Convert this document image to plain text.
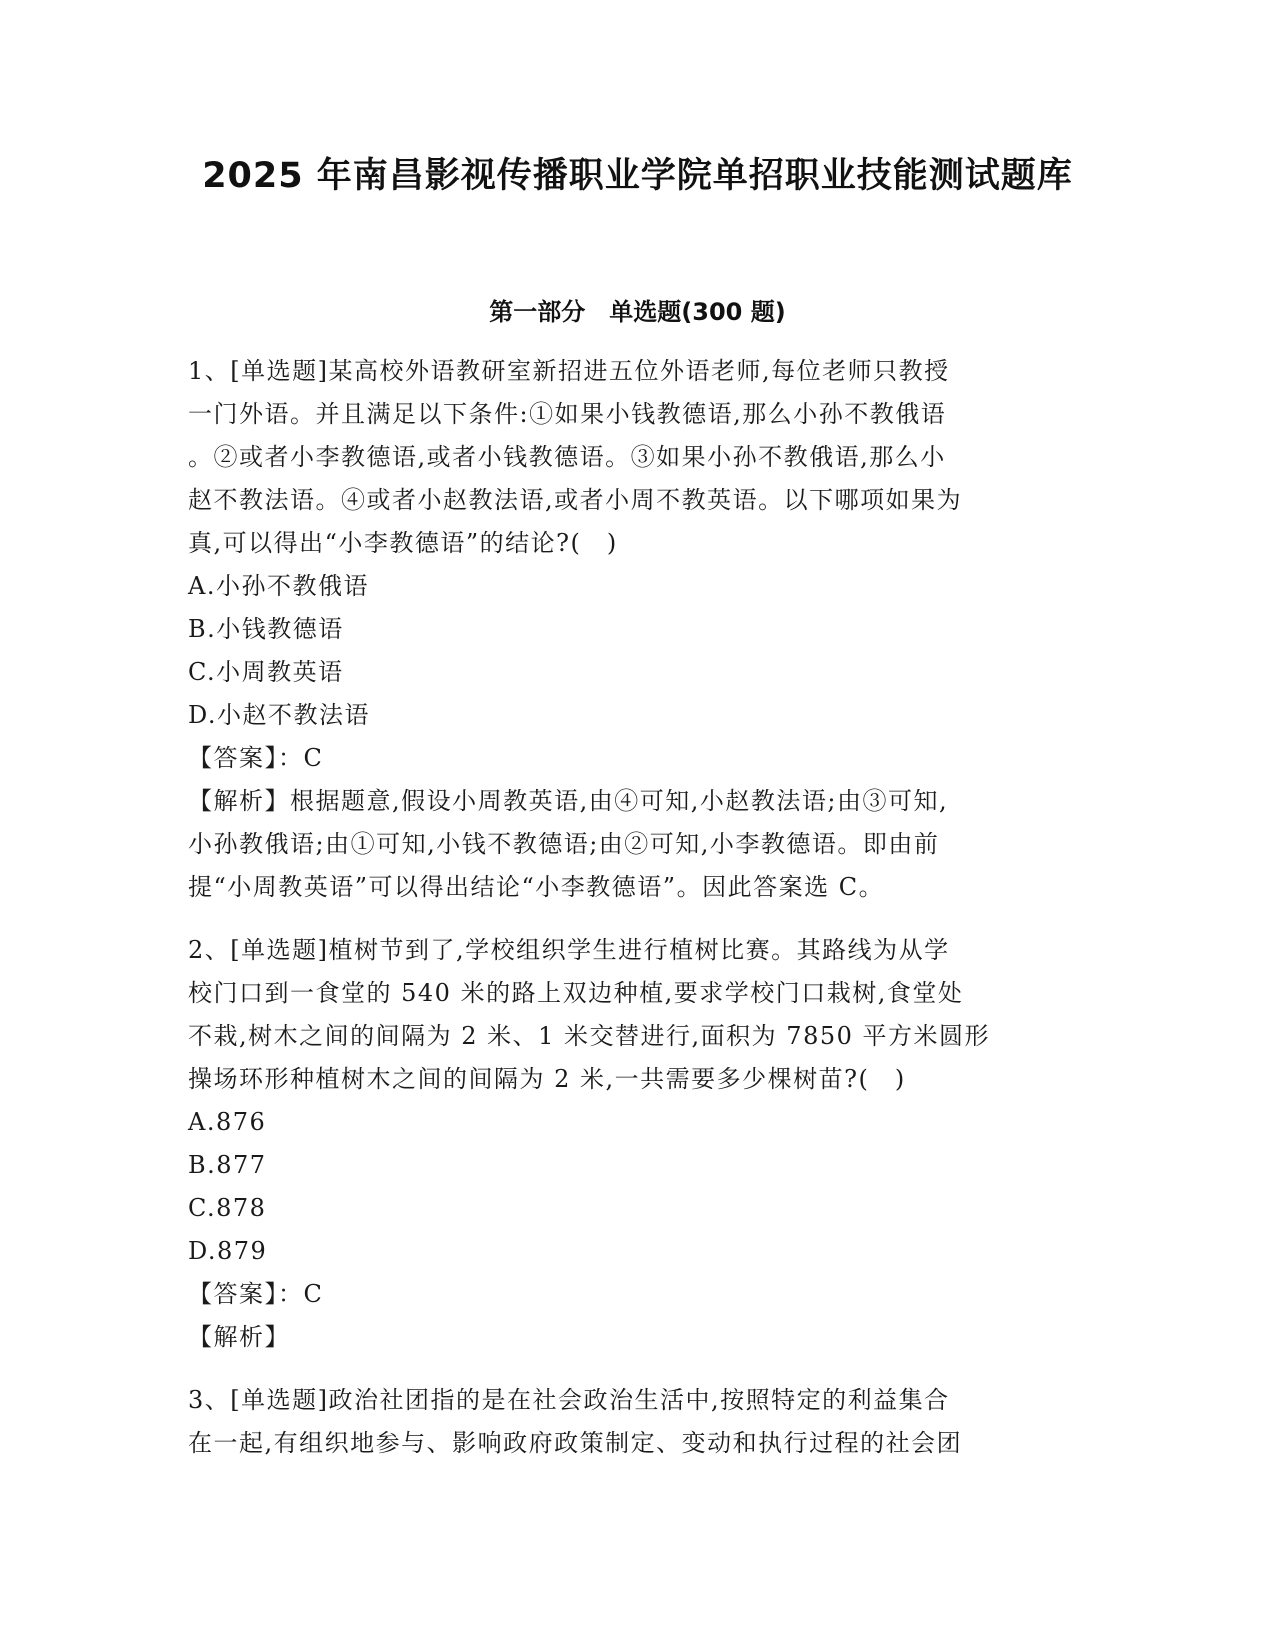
2025 年南昌影视传播职业学院单招职业技能测试题库
第一部分　单选题(300 题)
1、[单选题]某高校外语教研室新招进五位外语老师,每位老师只教授
一门外语。并且满足以下条件:①如果小钱教德语,那么小孙不教俄语
。②或者小李教德语,或者小钱教德语。③如果小孙不教俄语,那么小
赵不教法语。④或者小赵教法语,或者小周不教英语。以下哪项如果为
真,可以得出“小李教德语”的结论?(　)
A.小孙不教俄语
B.小钱教德语
C.小周教英语
D.小赵不教法语
【答案】：C
【解析】根据题意,假设小周教英语,由④可知,小赵教法语;由③可知,
小孙教俄语;由①可知,小钱不教德语;由②可知,小李教德语。即由前
提“小周教英语”可以得出结论“小李教德语”。因此答案选 C。
2、[单选题]植树节到了,学校组织学生进行植树比赛。其路线为从学
校门口到一食堂的 540 米的路上双边种植,要求学校门口栽树,食堂处
不栽,树木之间的间隔为 2 米、1 米交替进行,面积为 7850 平方米圆形
操场环形种植树木之间的间隔为 2 米,一共需要多少棵树苗?(　)
A.876
B.877
C.878
D.879
【答案】：C
【解析】
3、[单选题]政治社团指的是在社会政治生活中,按照特定的利益集合
在一起,有组织地参与、影响政府政策制定、变动和执行过程的社会团
